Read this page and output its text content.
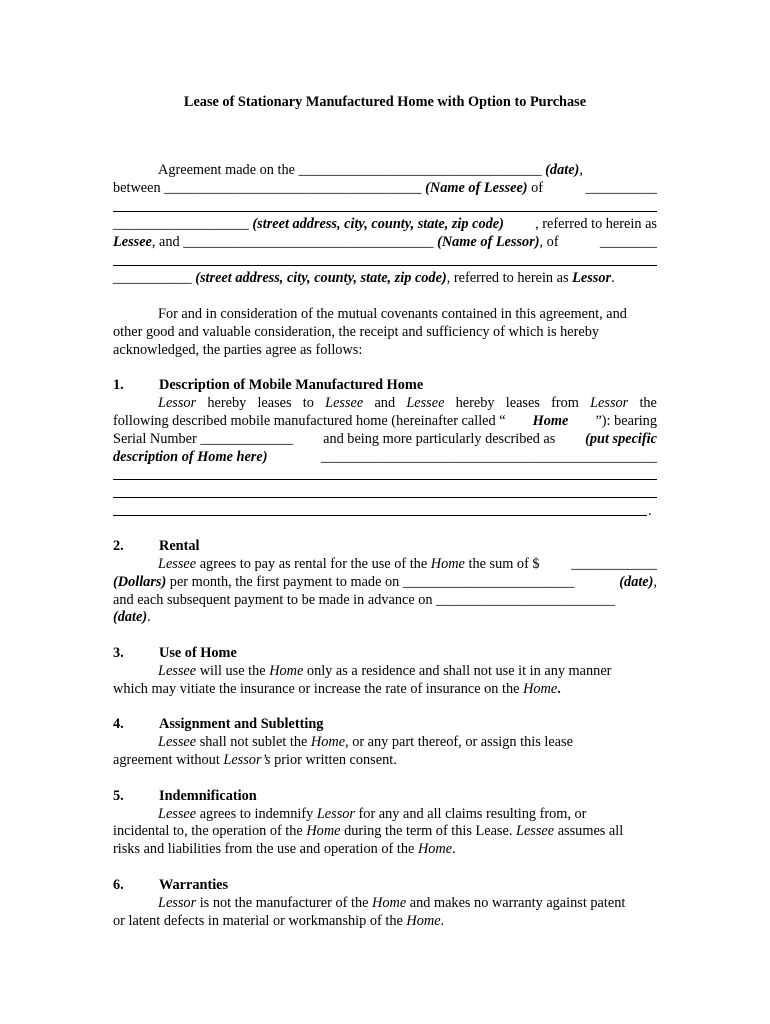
Lease of Stationary Manufactured Home with Option to Purchase
Agreement made on the __________________________________ (date),
between ____________________________________ (Name of Lessee) of	__________
___________________ (street address, city, county, state, zip code) , referred to herein as
Lessee, and ___________________________________ (Name of Lessor), of	________
___________ (street address, city, county, state, zip code), referred to herein as Lessor.
For and in consideration of the mutual covenants contained in this agreement, and
other good and valuable consideration, the receipt and sufficiency of which is hereby
acknowledged, the parties agree as follows:
1. Description of Mobile Manufactured Home
Lessor hereby leases to Lessee and Lessee hereby leases from Lessor the
following described mobile manufactured home (hereinafter called “ Home ”): bearing
Serial Number _____________ and being more particularly described as (put specific
description of Home here)	_______________________________________________
.
2. Rental
Lessee agrees to pay as rental for the use of the Home the sum of $ ____________
(Dollars) per month, the first payment to made on ________________________	(date),
and each subsequent payment to be made in advance on _________________________
(date).
3. Use of Home
Lessee will use the Home only as a residence and shall not use it in any manner
which may vitiate the insurance or increase the rate of insurance on the Home.
4. Assignment and Subletting
Lessee shall not sublet the Home, or any part thereof, or assign this lease
agreement without Lessor’s prior written consent.
5. Indemnification
Lessee agrees to indemnify Lessor for any and all claims resulting from, or
incidental to, the operation of the Home during the term of this Lease. Lessee assumes all
risks and liabilities from the use and operation of the Home.
6. Warranties
Lessor is not the manufacturer of the Home and makes no warranty against patent
or latent defects in material or workmanship of the Home.
